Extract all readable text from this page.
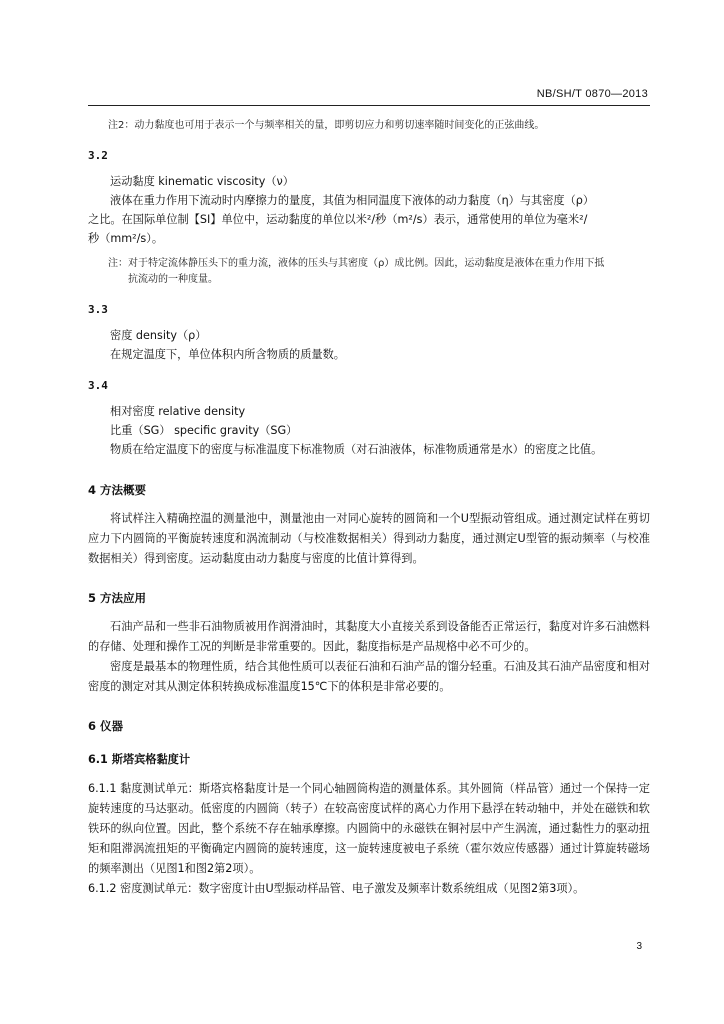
NB/SH/T 0870—2013
注2：动力黏度也可用于表示一个与频率相关的量，即剪切应力和剪切速率随时间变化的正弦曲线。
3.2
运动黏度 kinematic viscosity（ν）
液体在重力作用下流动时内摩擦力的量度，其值为相同温度下液体的动力黏度（η）与其密度（ρ）
之比。在国际单位制【SI】单位中，运动黏度的单位以米²/秒（m²/s）表示，通常使用的单位为毫米²/
秒（mm²/s）。
注：对于特定流体静压头下的重力流，液体的压头与其密度（ρ）成比例。因此，运动黏度是液体在重力作用下抵
抗流动的一种度量。
3.3
密度 density（ρ）
在规定温度下，单位体积内所含物质的质量数。
3.4
相对密度 relative density
比重（SG） specific gravity（SG）
物质在给定温度下的密度与标准温度下标准物质（对石油液体，标准物质通常是水）的密度之比值。
4 方法概要
将试样注入精确控温的测量池中，测量池由一对同心旋转的圆筒和一个U型振动管组成。通过测定试样在剪切应力下内圆筒的平衡旋转速度和涡流制动（与校准数据相关）得到动力黏度，通过测定U型管的振动频率（与校准数据相关）得到密度。运动黏度由动力黏度与密度的比值计算得到。
5 方法应用
石油产品和一些非石油物质被用作润滑油时，其黏度大小直接关系到设备能否正常运行，黏度对许多石油燃料的存储、处理和操作工况的判断是非常重要的。因此，黏度指标是产品规格中必不可少的。
密度是最基本的物理性质，结合其他性质可以表征石油和石油产品的馏分轻重。石油及其石油产品密度和相对密度的测定对其从测定体积转换成标准温度15℃下的体积是非常必要的。
6 仪器
6.1 斯塔宾格黏度计
6.1.1 黏度测试单元：斯塔宾格黏度计是一个同心轴圆筒构造的测量体系。其外圆筒（样品管）通过一个保持一定旋转速度的马达驱动。低密度的内圆筒（转子）在较高密度试样的离心力作用下悬浮在转动轴中，并处在磁铁和软铁环的纵向位置。因此，整个系统不存在轴承摩擦。内圆筒中的永磁铁在铜衬层中产生涡流，通过黏性力的驱动扭矩和阻滞涡流扭矩的平衡确定内圆筒的旋转速度，这一旋转速度被电子系统（霍尔效应传感器）通过计算旋转磁场的频率测出（见图1和图2第2项）。
6.1.2 密度测试单元：数字密度计由U型振动样品管、电子激发及频率计数系统组成（见图2第3项）。
3
